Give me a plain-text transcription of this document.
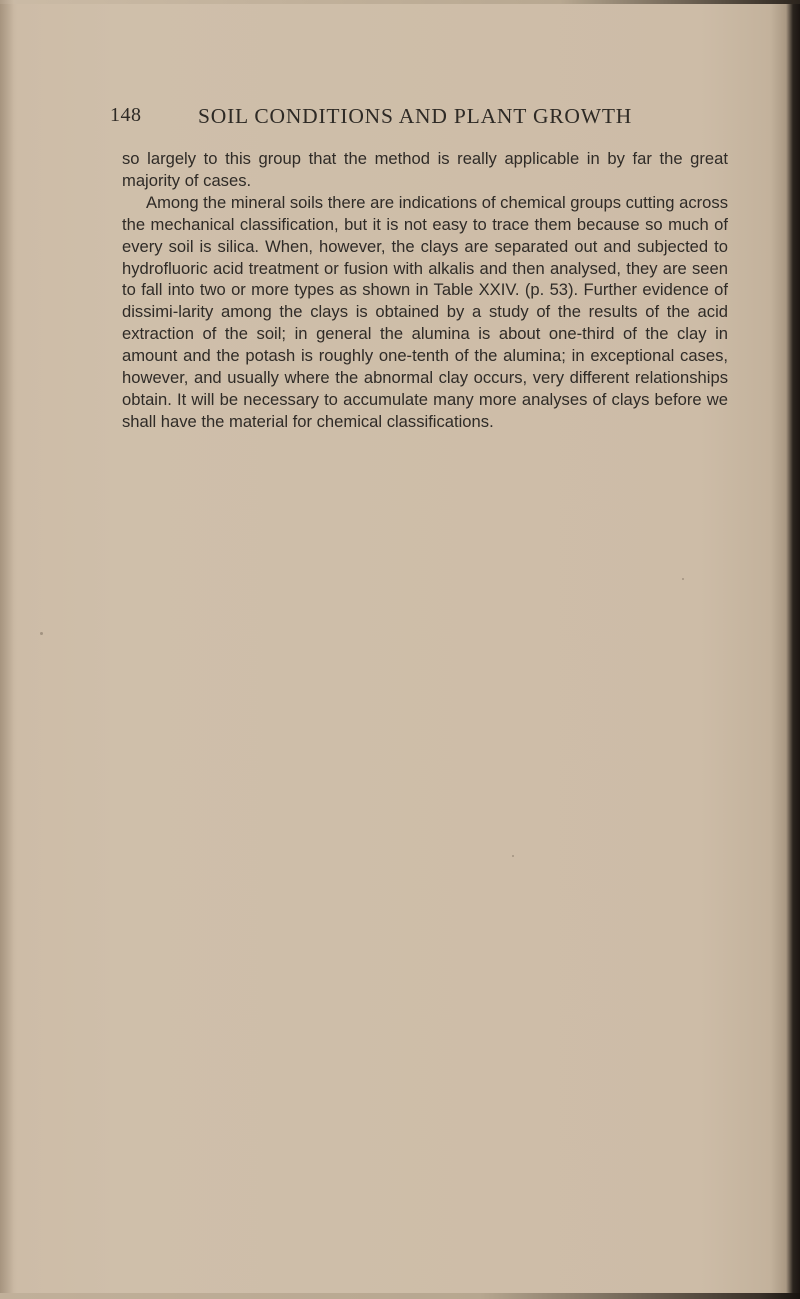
148	SOIL CONDITIONS AND PLANT GROWTH

so largely to this group that the method is really applicable in by far the great majority of cases.

Among the mineral soils there are indications of chemical groups cutting across the mechanical classification, but it is not easy to trace them because so much of every soil is silica. When, however, the clays are separated out and subjected to hydrofluoric acid treatment or fusion with alkalis and then analysed, they are seen to fall into two or more types as shown in Table XXIV. (p. 53). Further evidence of dissimi-larity among the clays is obtained by a study of the results of the acid extraction of the soil; in general the alumina is about one-third of the clay in amount and the potash is roughly one-tenth of the alumina; in exceptional cases, however, and usually where the abnormal clay occurs, very different relationships obtain. It will be necessary to accumulate many more analyses of clays before we shall have the material for chemical classifications.
